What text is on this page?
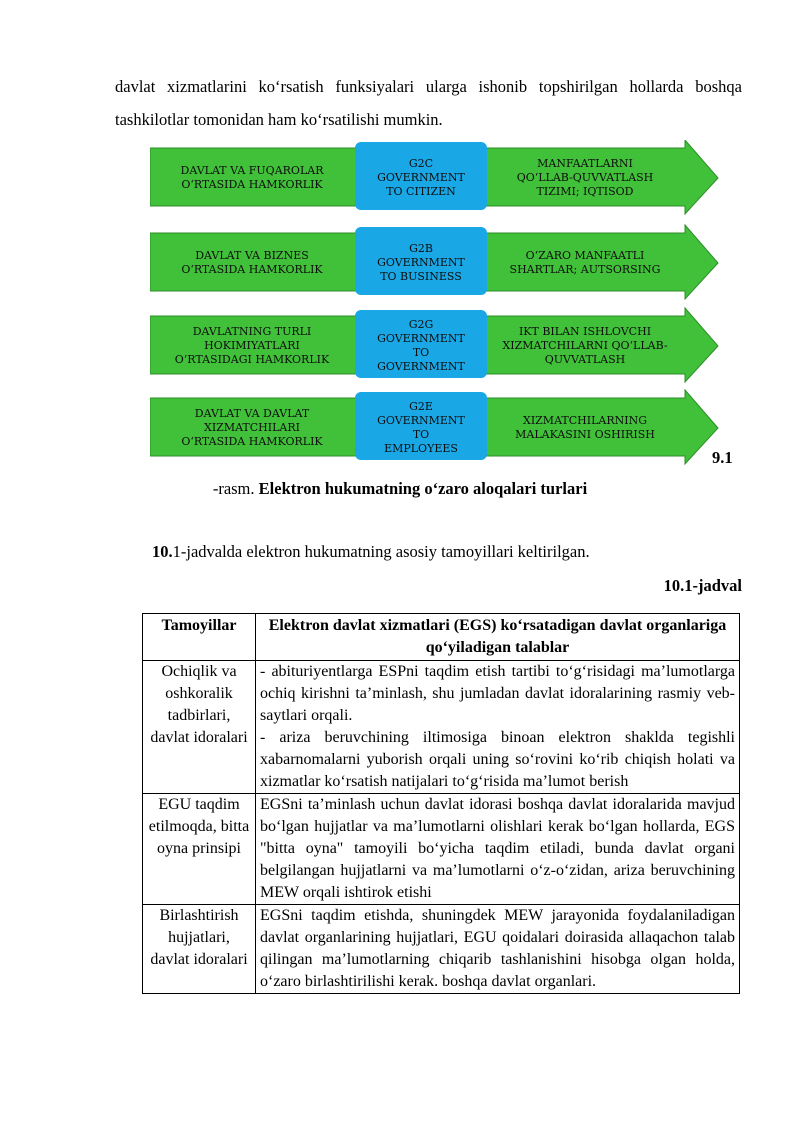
davlat xizmatlarini ko‘rsatish funksiyalari ularga ishonib topshirilgan hollarda boshqa tashkilotlar tomonidan ham ko‘rsatilishi mumkin.

DAVLAT VA FUQAROLAR
O‘RTASIDA HAMKORLIK
G2C
GOVERNMENT
TO CITIZEN
MANFAATLARNI
QO‘LLAB-QUVVATLASH
TIZIMI; IQTISOD
DAVLAT VA BIZNES
O‘RTASIDA HAMKORLIK
G2B
GOVERNMENT
TO BUSINESS
O‘ZARO MANFAATLI
SHARTLAR; AUTSORSING
DAVLATNING TURLI
HOKIMIYATLARI
O‘RTASIDAGI HAMKORLIK
G2G
GOVERNMENT
TO
GOVERNMENT
IKT BILAN ISHLOVCHI
XIZMATCHILARNI QO‘LLAB-
QUVVATLASH
DAVLAT VA DAVLAT
XIZMATCHILARI
O‘RTASIDA HAMKORLIK
G2E
GOVERNMENT
TO
EMPLOYEES
XIZMATCHILARNING
MALAKASINI OSHIRISH
9.1
-rasm. Elektron hukumatning o‘zaro aloqalari turlari
10.1-jadvalda elektron hukumatning asosiy tamoyillari keltirilgan.
10.1-jadval
Tamoyillar	Elektron davlat xizmatlari (EGS) ko‘rsatadigan davlat organlariga qo‘yiladigan talablar
Ochiqlik va oshkoralik tadbirlari, davlat idoralari	- abituriyentlarga ESPni taqdim etish tartibi to‘g‘risidagi ma’lumotlarga ochiq kirishni ta’minlash, shu jumladan davlat idoralarining rasmiy veb-saytlari orqali.
- ariza beruvchining iltimosiga binoan elektron shaklda tegishli xabarnomalarni yuborish orqali uning so‘rovini ko‘rib chiqish holati va xizmatlar ko‘rsatish natijalari to‘g‘risida ma’lumot berish

EGU taqdim etilmoqda, bitta oyna prinsipi	EGSni ta’minlash uchun davlat idorasi boshqa davlat idoralarida mavjud bo‘lgan hujjatlar va ma’lumotlarni olishlari kerak bo‘lgan hollarda, EGS "bitta oyna" tamoyili bo‘yicha taqdim etiladi, bunda davlat organi belgilangan hujjatlarni va ma’lumotlarni o‘z-o‘zidan, ariza beruvchining MEW orqali ishtirok etishi

Birlashtirish hujjatlari, davlat idoralari	EGSni taqdim etishda, shuningdek MEW jarayonida foydalaniladigan davlat organlarining hujjatlari, EGU qoidalari doirasida allaqachon talab qilingan ma’lumotlarning chiqarib tashlanishini hisobga olgan holda, o‘zaro birlashtirilishi kerak. boshqa davlat organlari.
